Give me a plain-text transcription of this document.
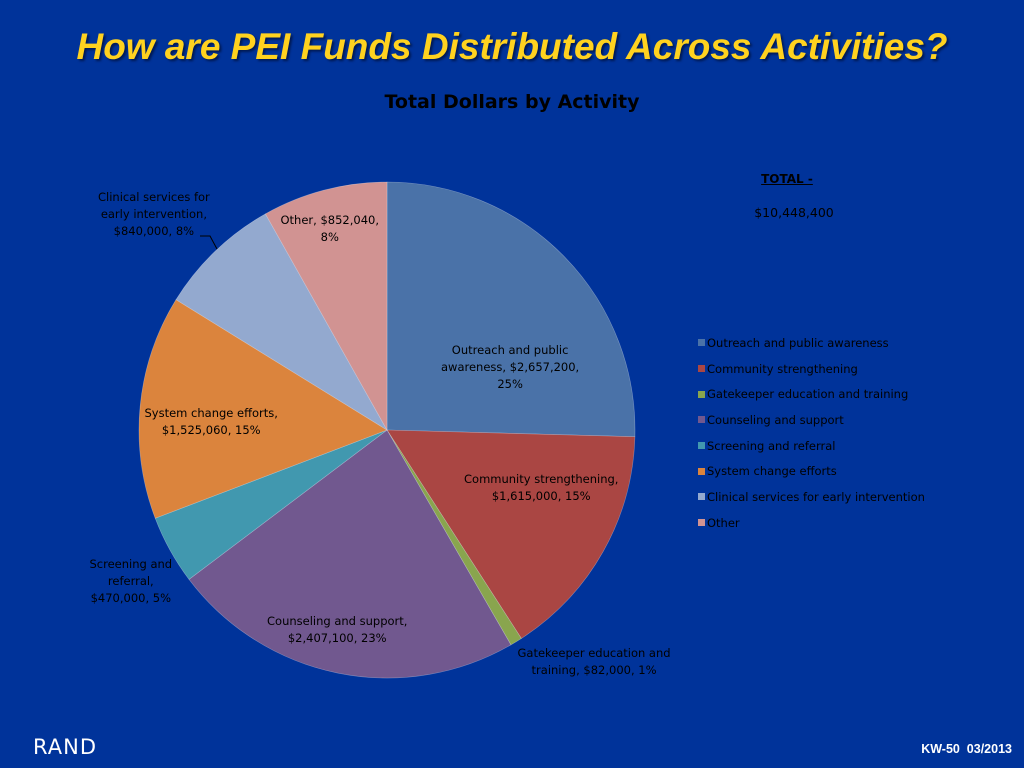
How are PEI Funds Distributed Across Activities?
Total Dollars by Activity
Outreach and public
awareness, $2,657,200,
25%
Community strengthening,
$1,615,000, 15%
Gatekeeper education and
training, $82,000, 1%
Counseling and support,
$2,407,100, 23%
Screening and
referral,
$470,000, 5%
System change efforts,
$1,525,060, 15%
Clinical services for
early intervention,
$840,000, 8%
Other, $852,040,
8%
TOTAL -
$10,448,400
Outreach and public awareness
Community strengthening
Gatekeeper education and training
Counseling and support
Screening and referral
System change efforts
Clinical services for early intervention
Other
RAND	KW-50  03/2013
